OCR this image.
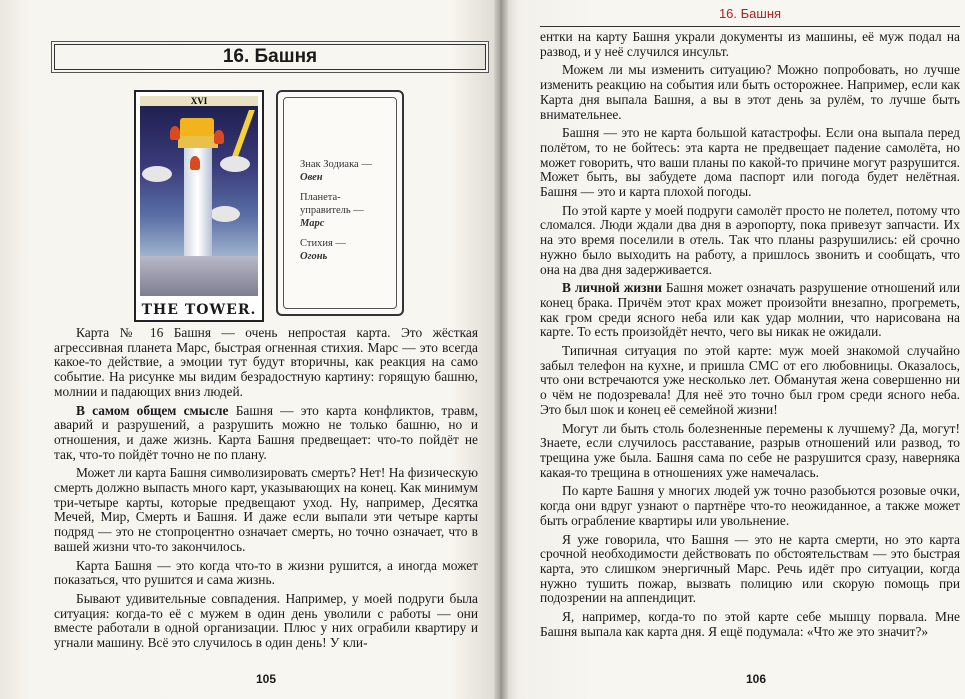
16. Башня
XVI
THE TOWER.
Знак Зодиака —
Овен
Планета-
управитель —
Марс
Стихия —
Огонь

Карта № 16 Башня — очень непростая карта. Это жёсткая агрессивная планета Марс, быстрая огненная стихия. Марс — это всегда какое-то действие, а эмоции тут будут вторичны, как реакция на само событие. На рисунке мы видим безрадостную картину: горящую башню, молнии и падающих вниз людей.

В самом общем смысле Башня — это карта конфликтов, травм, аварий и разрушений, а разрушить можно не только башню, но и отношения, и даже жизнь. Карта Башня предвещает: что-то пойдёт не так, что-то пойдёт точно не по плану.

Может ли карта Башня символизировать смерть? Нет! На физическую смерть должно выпасть много карт, указывающих на конец. Как минимум три-четыре карты, которые предвещают уход. Ну, например, Десятка Мечей, Мир, Смерть и Башня. И даже если выпали эти четыре карты подряд — это не стопроцентно означает смерть, но точно означает, что в вашей жизни что-то закончилось.

Карта Башня — это когда что-то в жизни рушится, а иногда может показаться, что рушится и сама жизнь.

Бывают удивительные совпадения. Например, у моей подруги была ситуация: когда-то её с мужем в один день уволили с работы — они вместе работали в одной организации. Плюс у них ограбили квартиру и угнали машину. Всё это случилось в один день! У кли-

105
16. Башня

ентки на карту Башня украли документы из машины, её муж подал на развод, и у неё случился инсульт.

Можем ли мы изменить ситуацию? Можно попробовать, но лучше изменить реакцию на события или быть осторожнее. Например, если как Карта дня выпала Башня, а вы в этот день за рулём, то лучше быть внимательнее.

Башня — это не карта большой катастрофы. Если она выпала перед полётом, то не бойтесь: эта карта не предвещает падение самолёта, но может говорить, что ваши планы по какой-то причине могут разрушится. Может быть, вы забудете дома паспорт или погода будет нелётная. Башня — это и карта плохой погоды.

По этой карте у моей подруги самолёт просто не полетел, потому что сломался. Люди ждали два дня в аэропорту, пока привезут запчасти. Их на это время поселили в отель. Так что планы разрушились: ей срочно нужно было выходить на работу, а пришлось звонить и сообщать, что она на два дня задерживается.

В личной жизни Башня может означать разрушение отношений или конец брака. Причём этот крах может произойти внезапно, прогреметь, как гром среди ясного неба или как удар молнии, что нарисована на карте. То есть произойдёт нечто, чего вы никак не ожидали.

Типичная ситуация по этой карте: муж моей знакомой случайно забыл телефон на кухне, и пришла СМС от его любовницы. Оказалось, что они встречаются уже несколько лет. Обманутая жена совершенно ни о чём не подозревала! Для неё это точно был гром среди ясного неба. Это был шок и конец её семейной жизни!

Могут ли быть столь болезненные перемены к лучшему? Да, могут! Знаете, если случилось расставание, разрыв отношений или развод, то трещина уже была. Башня сама по себе не разрушится сразу, наверняка какая-то трещина в отношениях уже намечалась.

По карте Башня у многих людей уж точно разобьются розовые очки, когда они вдруг узнают о партнёре что-то неожиданное, а также может быть ограбление квартиры или увольнение.

Я уже говорила, что Башня — это не карта смерти, но это карта срочной необходимости действовать по обстоятельствам — это быстрая карта, это слишком энергичный Марс. Речь идёт про ситуации, когда нужно тушить пожар, вызвать полицию или скорую помощь при подозрении на аппендицит.

Я, например, когда-то по этой карте себе мышцу порвала. Мне Башня выпала как карта дня. Я ещё подумала: «Что же это значит?»

106
